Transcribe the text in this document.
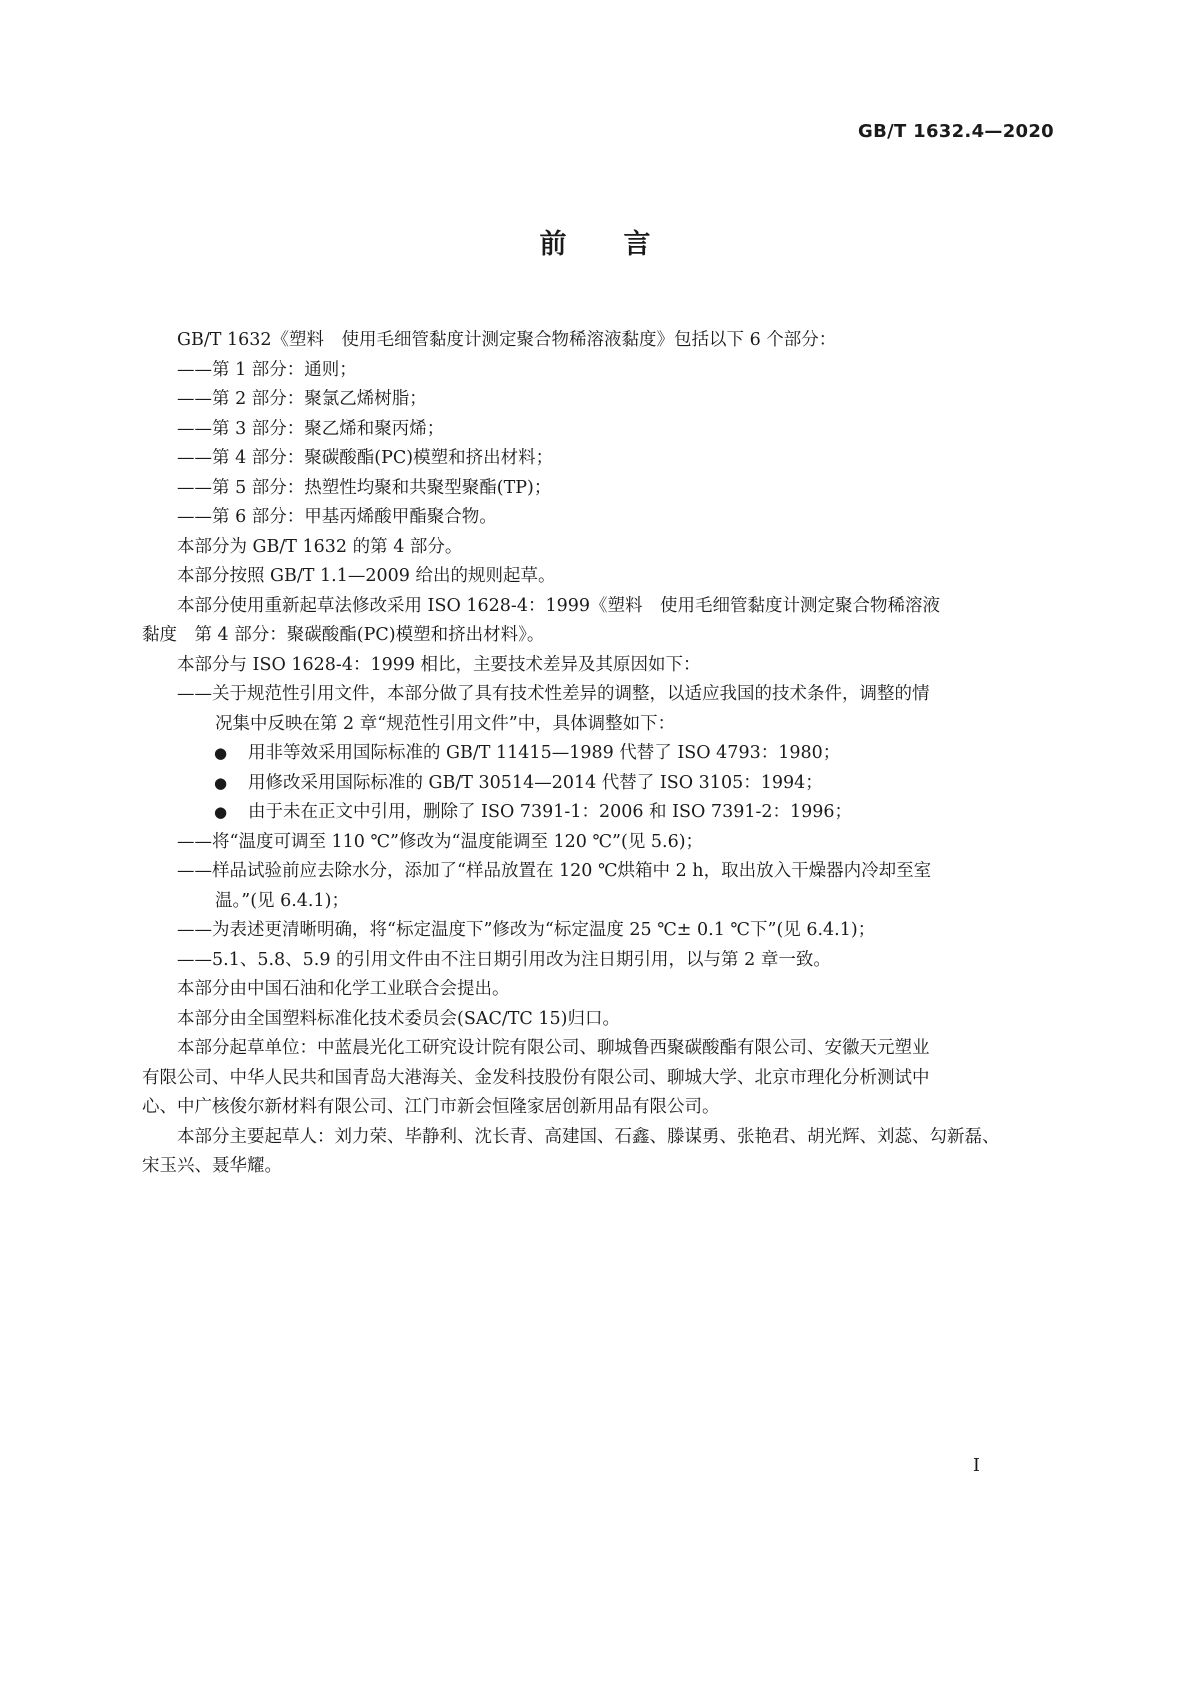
GB/T 1632.4—2020
前 言
GB/T 1632《塑料　使用毛细管黏度计测定聚合物稀溶液黏度》包括以下 6 个部分：
——第 1 部分：通则；
——第 2 部分：聚氯乙烯树脂；
——第 3 部分：聚乙烯和聚丙烯；
——第 4 部分：聚碳酸酯(PC)模塑和挤出材料；
——第 5 部分：热塑性均聚和共聚型聚酯(TP)；
——第 6 部分：甲基丙烯酸甲酯聚合物。
本部分为 GB/T 1632 的第 4 部分。
本部分按照 GB/T 1.1—2009 给出的规则起草。
本部分使用重新起草法修改采用 ISO 1628-4：1999《塑料　使用毛细管黏度计测定聚合物稀溶液
黏度　第 4 部分：聚碳酸酯(PC)模塑和挤出材料》。
本部分与 ISO 1628-4：1999 相比，主要技术差异及其原因如下：
——关于规范性引用文件，本部分做了具有技术性差异的调整，以适应我国的技术条件，调整的情
况集中反映在第 2 章“规范性引用文件”中，具体调整如下：
● 用非等效采用国际标准的 GB/T 11415—1989 代替了 ISO 4793：1980；
● 用修改采用国际标准的 GB/T 30514—2014 代替了 ISO 3105：1994；
● 由于未在正文中引用，删除了 ISO 7391-1：2006 和 ISO 7391-2：1996；
——将“温度可调至 110 ℃”修改为“温度能调至 120 ℃”(见 5.6)；
——样品试验前应去除水分，添加了“样品放置在 120 ℃烘箱中 2 h，取出放入干燥器内冷却至室
温。”(见 6.4.1)；
——为表述更清晰明确，将“标定温度下”修改为“标定温度 25 ℃± 0.1 ℃下”(见 6.4.1)；
——5.1、5.8、5.9 的引用文件由不注日期引用改为注日期引用，以与第 2 章一致。
本部分由中国石油和化学工业联合会提出。
本部分由全国塑料标准化技术委员会(SAC/TC 15)归口。
本部分起草单位：中蓝晨光化工研究设计院有限公司、聊城鲁西聚碳酸酯有限公司、安徽天元塑业
有限公司、中华人民共和国青岛大港海关、金发科技股份有限公司、聊城大学、北京市理化分析测试中
心、中广核俊尔新材料有限公司、江门市新会恒隆家居创新用品有限公司。
本部分主要起草人：刘力荣、毕静利、沈长青、高建国、石鑫、滕谋勇、张艳君、胡光辉、刘蕊、勾新磊、
宋玉兴、聂华耀。
I
